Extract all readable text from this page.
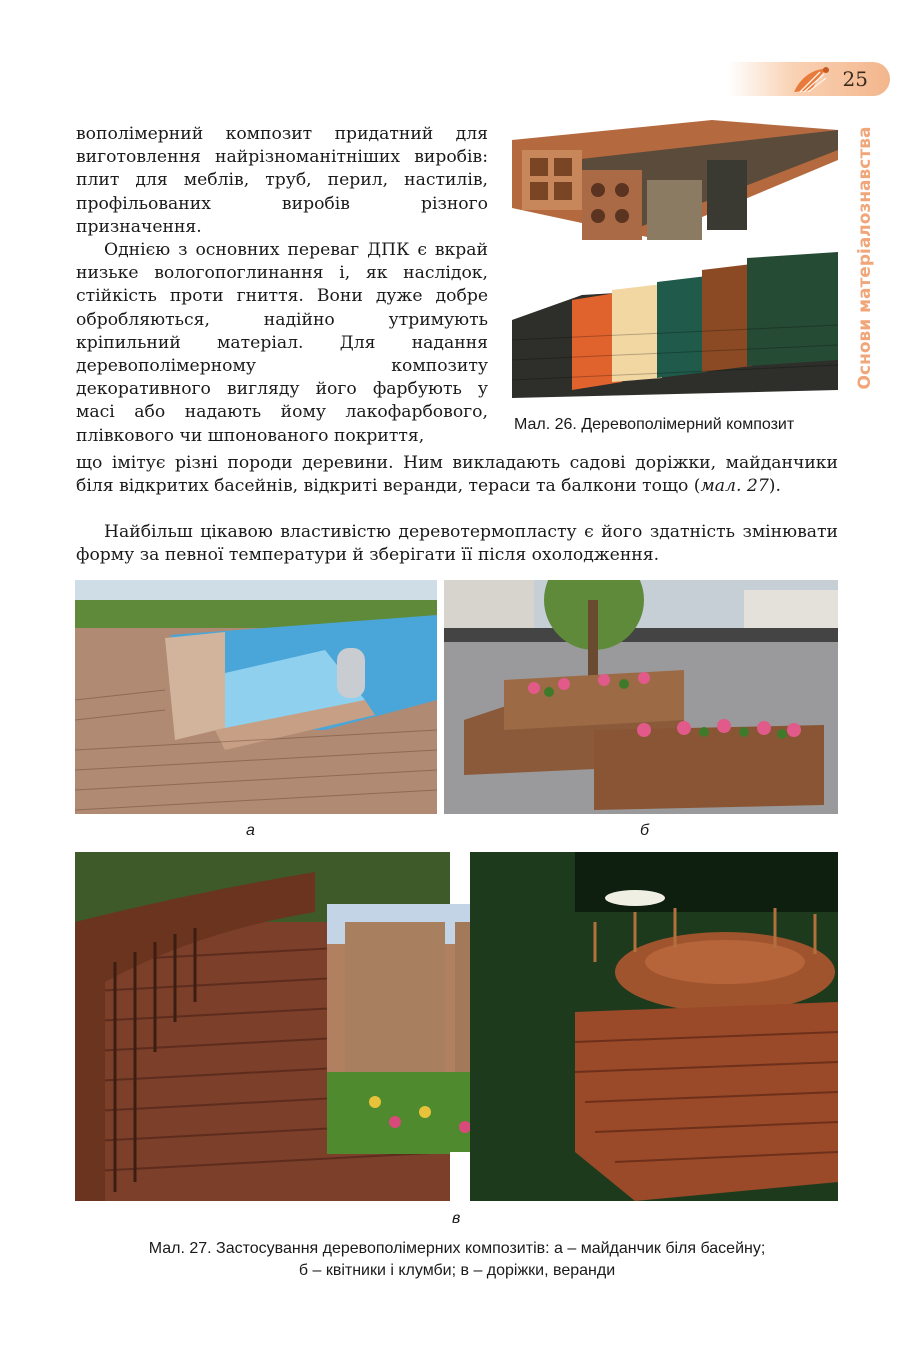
25
Основи матеріалознавства
вополімерний композит придатний для виготовлення найрізноманітніших виробів: плит для меблів, труб, перил, настилів, профільованих виробів різного призначення.
Однією з основних переваг ДПК є вкрай низьке вологопоглинання і, як наслідок, стійкість проти гниття. Вони дуже добре обробляються, надійно утримують кріпильний матеріал. Для надання деревополімерному композиту декоративного вигляду його фарбують у масі або надають йому лакофарбового, плівкового чи шпонованого покриття,
що імітує різні породи деревини. Ним викладають садові доріжки, майданчики біля відкритих басейнів, відкриті веранди, тераси та балкони тощо (мал. 27).
Найбільш цікавою властивістю деревотермопласту є його здатність змінювати форму за певної температури й зберігати її після охолодження.
Мал. 26. Деревополімерний композит
а	б
в
Мал. 27. Застосування деревополімерних композитів: а – майданчик біля басейну;
б – квітники і клумби; в – доріжки, веранди
